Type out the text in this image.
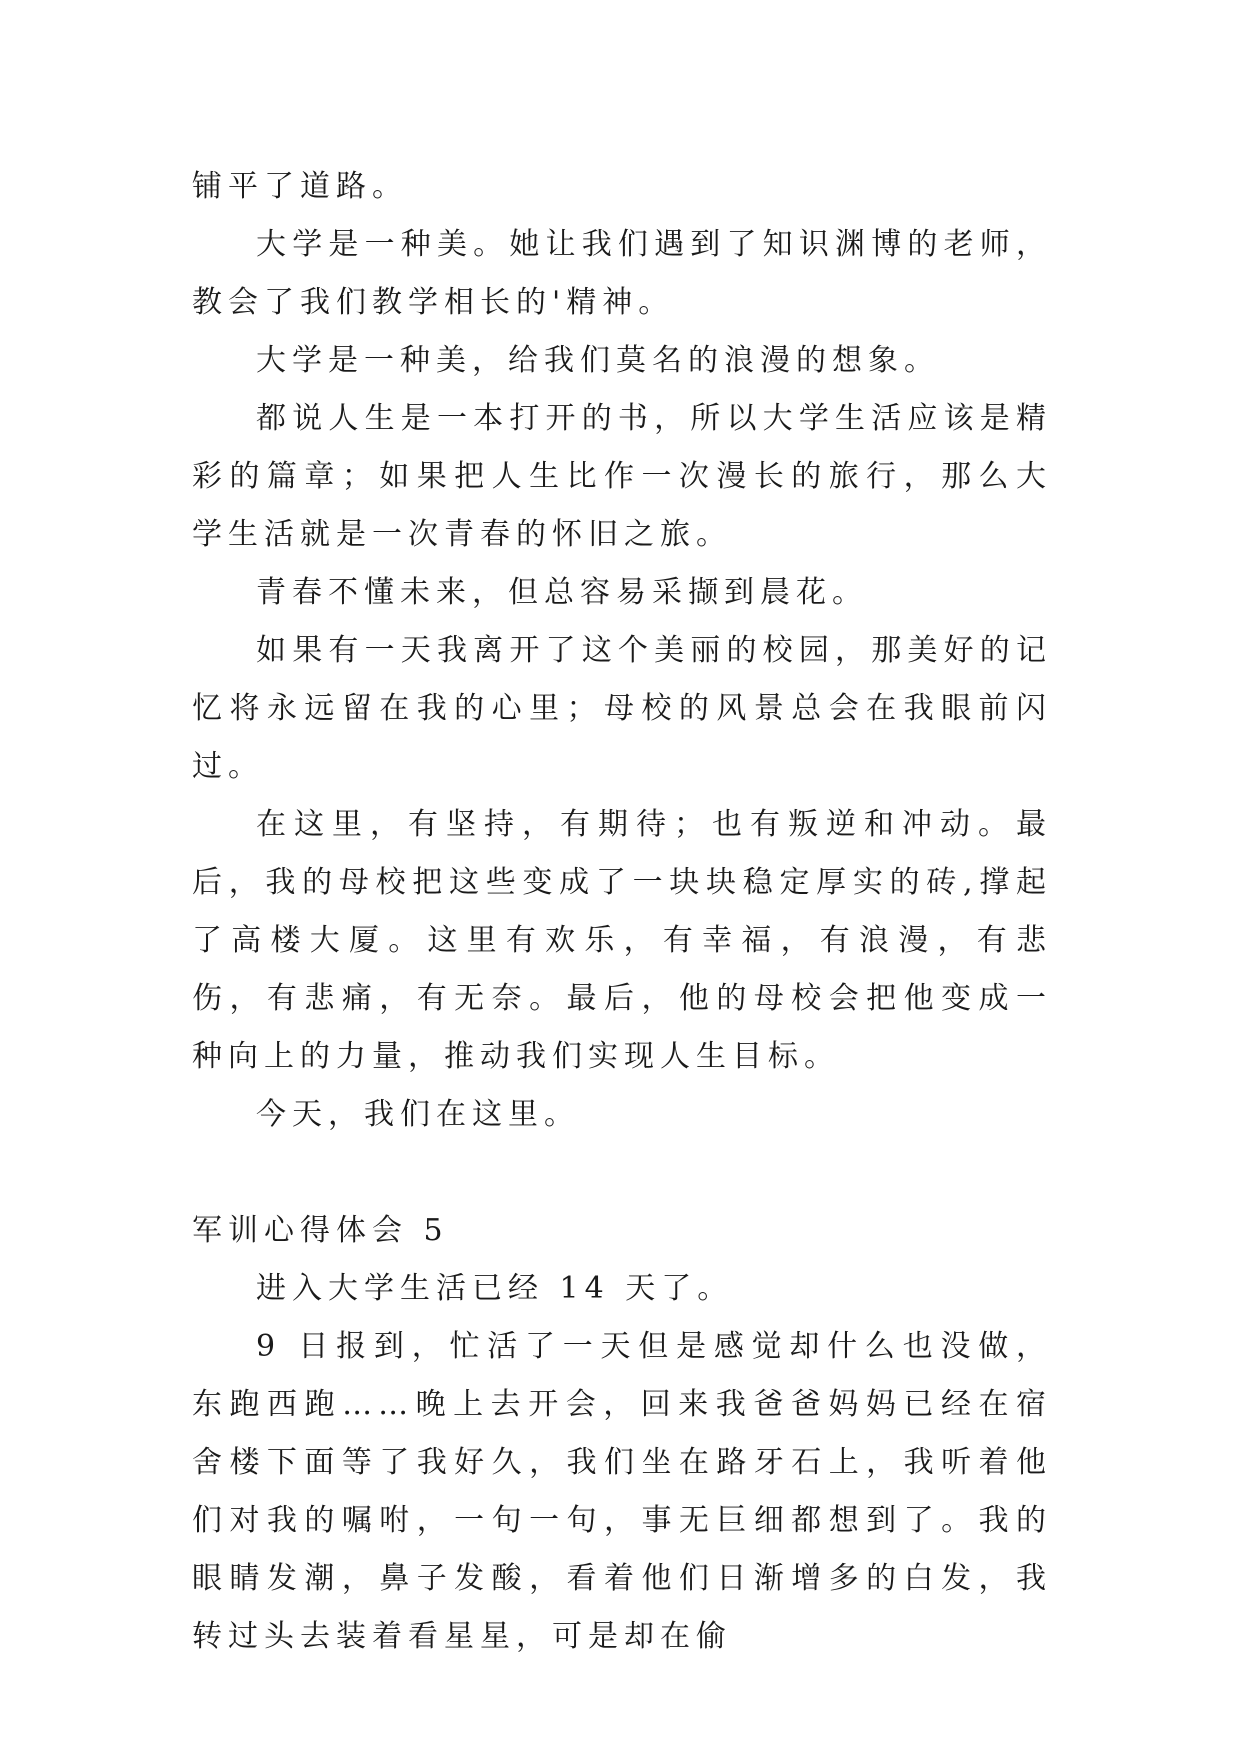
铺平了道路。

大学是一种美。她让我们遇到了知识渊博的老师，教会了我们教学相长的'精神。

大学是一种美，给我们莫名的浪漫的想象。

都说人生是一本打开的书，所以大学生活应该是精彩的篇章；如果把人生比作一次漫长的旅行，那么大学生活就是一次青春的怀旧之旅。

青春不懂未来，但总容易采撷到晨花。

如果有一天我离开了这个美丽的校园，那美好的记忆将永远留在我的心里；母校的风景总会在我眼前闪过。

在这里，有坚持，有期待；也有叛逆和冲动。最后，我的母校把这些变成了一块块稳定厚实的砖,撑起了高楼大厦。这里有欢乐，有幸福，有浪漫，有悲伤，有悲痛，有无奈。最后，他的母校会把他变成一种向上的力量，推动我们实现人生目标。

今天，我们在这里。

军训心得体会 5

进入大学生活已经 14 天了。

9 日报到，忙活了一天但是感觉却什么也没做，东跑西跑……晚上去开会，回来我爸爸妈妈已经在宿舍楼下面等了我好久，我们坐在路牙石上，我听着他们对我的嘱咐，一句一句，事无巨细都想到了。我的眼睛发潮，鼻子发酸，看着他们日渐增多的白发，我转过头去装着看星星，可是却在偷
